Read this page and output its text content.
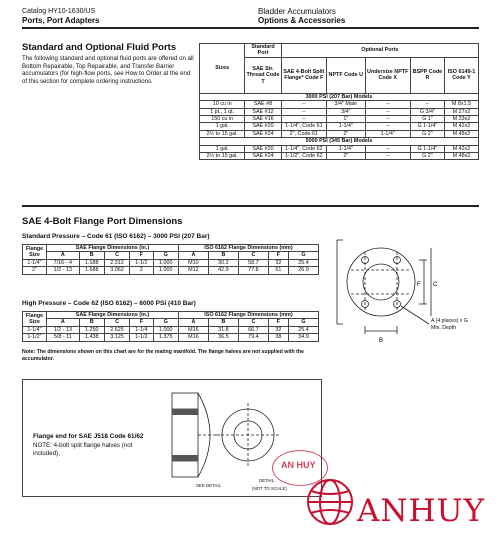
Catalog HY10-1630/US
Ports, Port Adapters
Bladder Accumulators
Options & Accessories
Standard and Optional Fluid Ports

The following standard and optional fluid ports are offered on all Bottom Repairable, Top Repairable, and Transfer Barrier accumulators (for high-flow ports, see How to Order at the end of this section for complete ordering instructions.

Sizes	Standard Port	Optional Ports				
	SAE Str. Thread Code T	SAE 4-Bolt Split Flange* Code F	NPTF Code U	Undersize NPTF Code X	BSPP Code R	ISO 6149-1 Code Y
3000 PSI (207 Bar) Models						
10 cu in	SAE #8	–	3/4" Male	–	–	M 8x1.5
1 pt., 1 qt.	SAE #12	–	3/4"	–	G 3/4"	M 27x2
150 cu in	SAE #16	–	1"	–	G 1"	M 33x2
1 gal.	SAE #20	1-1/4", Code 61	1-1/4"	–	G 1-1/4"	M 42x2
2½ to 15 gal.	SAE #24	2", Code 61	2"	1-1/4"	G 2"	M 48x2
5000 PSI (345 Bar) Models						
1 gal.	SAE #20	1-1/4", Code 62	1-1/4"	–	G 1-1/4"	M 42x2
2½ to 15 gal.	SAE #24	1-1/2", Code 62	2"	–	G 2"	M 48x2
SAE 4-Bolt Flange Port Dimensions
Standard Pressure – Code 61 (ISO 6162) – 3000 PSI (207 Bar)
Flange Size	SAE Flange Dimensions (in.)					ISO 6162 Flange Dimensions (mm)				
	A	B	C	F	G	A	B	C	F	G
1-1/4"	7/16 - 4	1.188	2.312	1-1/2	1.000	M10	30.2	58.7	32	25.4
2"	1/2 - 13	1.688	3.062	2	1.000	M12	42.9	77.8	51	26.9
High Pressure – Code 62 (ISO 6162) – 6000 PSI (410 Bar)
Flange Size	SAE Flange Dimensions (in.)					ISO 6162 Flange Dimensions (mm)				
	A	B	C	F	G	A	B	C	F	G
1-1/4"	1/2 - 13	1.250	2.625	1-1/4	1.000	M16	31.8	66.7	32	25.4
1-1/2"	5/8 - 11	1.438	3.125	1-1/2	1.375	M16	36.5	79.4	38	34.9

Note: The dimensions shown on this chart are for the mating manifold. The flange halves are not supplied with the accumulator.

F C
B
A (4 places) x G Min. Depth
Flange end for SAE J518 Code 61/62
NOTE: 4-bolt split flange halves (not included),
SEE DETAIL
DETAIL
(NOT TO SCALE)
AN HUY
ANHUY
